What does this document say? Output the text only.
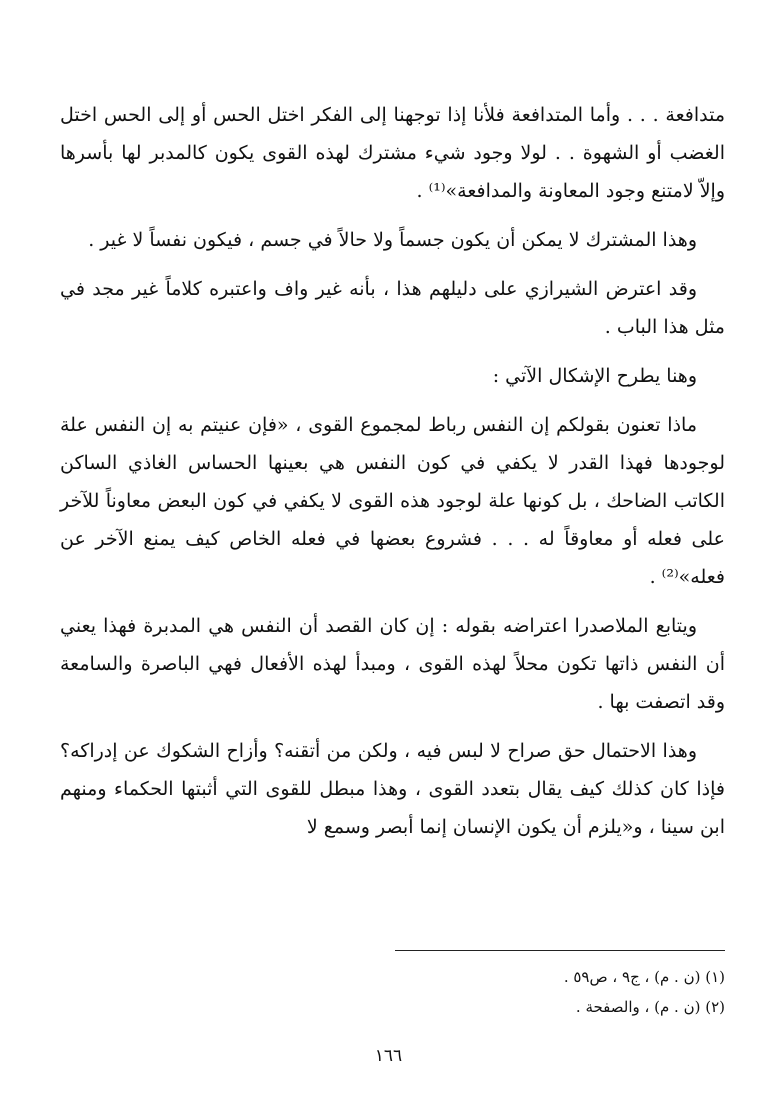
متدافعة . . . وأما المتدافعة فلأنا إذا توجهنا إلى الفكر اختل الحس أو إلى الحس اختل الغضب أو الشهوة . . لولا وجود شيء مشترك لهذه القوى يكون كالمدبر لها بأسرها وإلاّ لامتنع وجود المعاونة والمدافعة»⁽¹⁾ .

وهذا المشترك لا يمكن أن يكون جسماً ولا حالاً في جسم ، فيكون نفساً لا غير .

وقد اعترض الشيرازي على دليلهم هذا ، بأنه غير واف واعتبره كلاماً غير مجد في مثل هذا الباب .

وهنا يطرح الإشكال الآتي :

ماذا تعنون بقولكم إن النفس رباط لمجموع القوى ، «فإن عنيتم به إن النفس علة لوجودها فهذا القدر لا يكفي في كون النفس هي بعينها الحساس الغاذي الساكن الكاتب الضاحك ، بل كونها علة لوجود هذه القوى لا يكفي في كون البعض معاوناً للآخر على فعله أو معاوقاً له . . . فشروع بعضها في فعله الخاص كيف يمنع الآخر عن فعله»⁽²⁾ .

ويتابع الملاصدرا اعتراضه بقوله : إن كان القصد أن النفس هي المدبرة فهذا يعني أن النفس ذاتها تكون محلاً لهذه القوى ، ومبدأ لهذه الأفعال فهي الباصرة والسامعة وقد اتصفت بها .

وهذا الاحتمال حق صراح لا لبس فيه ، ولكن من أتقنه؟ وأزاح الشكوك عن إدراكه؟ فإذا كان كذلك كيف يقال بتعدد القوى ، وهذا مبطل للقوى التي أثبتها الحكماء ومنهم ابن سينا ، و«يلزم أن يكون الإنسان إنما أبصر وسمع لا

(١) (ن . م) ، ج٩ ، ص٥٩ .

(٢) (ن . م) ، والصفحة .

١٦٦
